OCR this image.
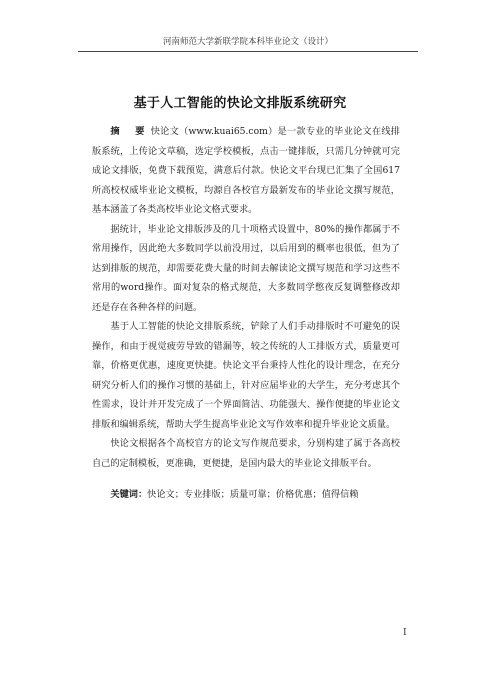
河南师范大学新联学院本科毕业论文（设计）
基于人工智能的快论文排版系统研究

摘 要快论文（www.kuai65.com）是一款专业的毕业论文在线排版系统，上传论文草稿，选定学校模板，点击一键排版，只需几分钟就可完成论文排版，免费下载预览，满意后付款。快论文平台现已汇集了全国617所高校权威毕业论文模板，均源自各校官方最新发布的毕业论文撰写规范，基本涵盖了各类高校毕业论文格式要求。

据统计，毕业论文排版涉及的几十项格式设置中，80%的操作都属于不常用操作，因此绝大多数同学以前没用过，以后用到的概率也很低，但为了达到排版的规范，却需要花费大量的时间去解读论文撰写规范和学习这些不常用的word操作。面对复杂的格式规范，大多数同学憋夜反复调整修改却还是存在各种各样的问题。

基于人工智能的快论文排版系统，铲除了人们手动排版时不可避免的误操作，和由于视觉疲劳导致的错漏等，较之传统的人工排版方式，质量更可靠，价格更优惠，速度更快捷。快论文平台秉持人性化的设计理念，在充分研究分析人们的操作习惯的基础上，针对应届毕业的大学生，充分考虑其个性需求，设计并开发完成了一个界面简洁、功能强大、操作便捷的毕业论文排版和编辑系统，帮助大学生提高毕业论文写作效率和提升毕业论文质量。

快论文根据各个高校官方的论文写作规范要求，分别构建了属于各高校自己的定制模板，更准确，更便捷，是国内最大的毕业论文排版平台。

关键词：快论文；专业排版；质量可靠；价格优惠；值得信赖

I
